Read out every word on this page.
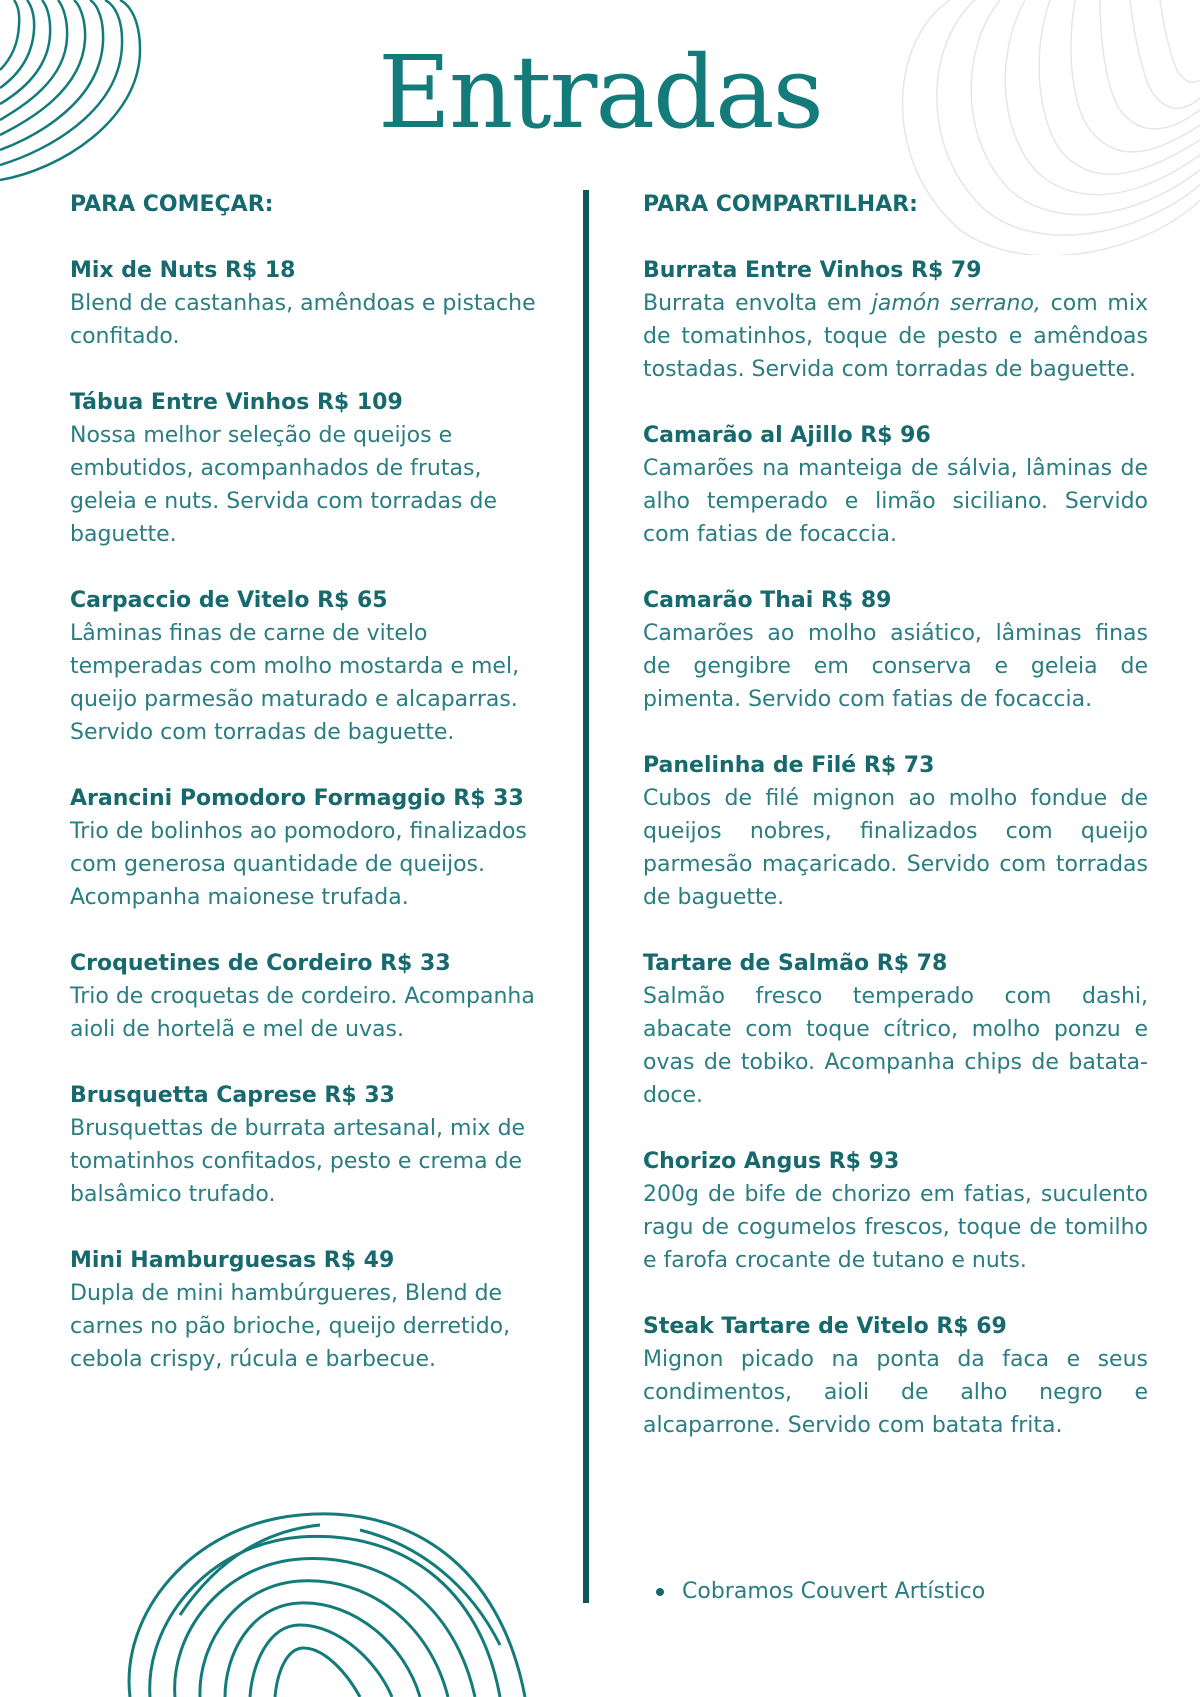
Entradas

PARA COMEÇAR:

Mix de Nuts R$ 18

Blend de castanhas, amêndoas e pistache confitado.

Tábua Entre Vinhos R$ 109

Nossa melhor seleção de queijos e embutidos, acompanhados de frutas, geleia e nuts. Servida com torradas de baguette.

Carpaccio de Vitelo R$ 65

Lâminas finas de carne de vitelo temperadas com molho mostarda e mel, queijo parmesão maturado e alcaparras. Servido com torradas de baguette.

Arancini Pomodoro Formaggio R$ 33

Trio de bolinhos ao pomodoro, finalizados com generosa quantidade de queijos. Acompanha maionese trufada.

Croquetines de Cordeiro R$ 33

Trio de croquetas de cordeiro. Acompanha aioli de hortelã e mel de uvas.

Brusquetta Caprese R$ 33

Brusquettas de burrata artesanal, mix de tomatinhos confitados, pesto e crema de balsâmico trufado.

Mini Hamburguesas R$ 49

Dupla de mini hambúrgueres, Blend de carnes no pão brioche, queijo derretido, cebola crispy, rúcula e barbecue.

PARA COMPARTILHAR:

Burrata Entre Vinhos R$ 79

Burrata envolta em jamón serrano, com mix de tomatinhos, toque de pesto e amêndoas tostadas. Servida com torradas de baguette.

Camarão al Ajillo R$ 96

Camarões na manteiga de sálvia, lâminas de alho temperado e limão siciliano. Servido com fatias de focaccia.

Camarão Thai R$ 89

Camarões ao molho asiático, lâminas finas de gengibre em conserva e geleia de pimenta. Servido com fatias de focaccia.

Panelinha de Filé R$ 73

Cubos de filé mignon ao molho fondue de queijos nobres, finalizados com queijo parmesão maçaricado. Servido com torradas de baguette.

Tartare de Salmão R$ 78

Salmão fresco temperado com dashi, abacate com toque cítrico, molho ponzu e ovas de tobiko. Acompanha chips de batata-doce.

Chorizo Angus R$ 93

200g de bife de chorizo em fatias, suculento ragu de cogumelos frescos, toque de tomilho e farofa crocante de tutano e nuts.

Steak Tartare de Vitelo R$ 69

Mignon picado na ponta da faca e seus condimentos, aioli de alho negro e alcaparrone. Servido com batata frita.

Cobramos Couvert Artístico
